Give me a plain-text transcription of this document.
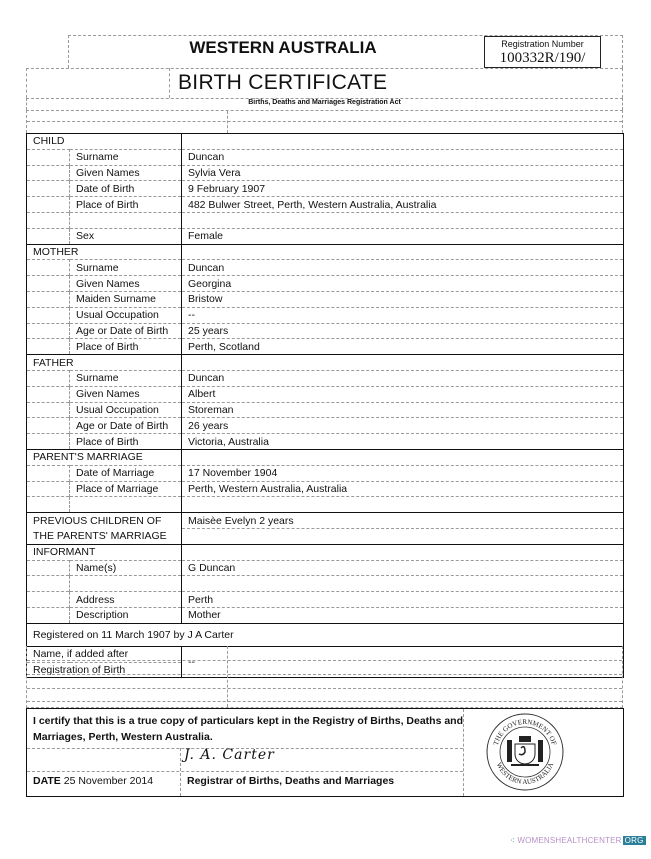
WESTERN AUSTRALIA	Registration Number
100332R/190/
BIRTH CERTIFICATE
Births, Deaths and Marriages Registration Act
CHILD		
	Surname	Duncan
	Given Names	Sylvia Vera
	Date of Birth	9 February 1907
	Place of Birth	482 Bulwer Street, Perth, Western Australia, Australia

	Sex	Female
MOTHER		
	Surname	Duncan
	Given Names	Georgina
	Maiden Surname	Bristow
	Usual Occupation	--
	Age or Date of Birth	25 years
	Place of Birth	Perth, Scotland
FATHER		
	Surname	Duncan
	Given Names	Albert
	Usual Occupation	Storeman
	Age or Date of Birth	26 years
	Place of Birth	Victoria, Australia
PARENT'S MARRIAGE		
	Date of Marriage	17 November 1904
	Place of Marriage	Perth, Western Australia, Australia

PREVIOUS CHILDREN OF		Maisèe Evelyn 2 years
THE PARENTS' MARRIAGE		
INFORMANT		
	Name(s)	G Duncan

	Address	Perth
	Description	Mother
Registered on 11 March 1907 by J A Carter		
Name, if added after		--
Registration of Birth		
I certify that this is a true copy of particulars kept in the Registry of Births, Deaths and Marriages, Perth, Western Australia.
J. A. Carter
DATE 25 November 2014	Registrar of Births, Deaths and Marriages
THE GOVERNMENT OF
WESTERN AUSTRALIA
⁖ WOMENSHEALTHCENTER ORG
